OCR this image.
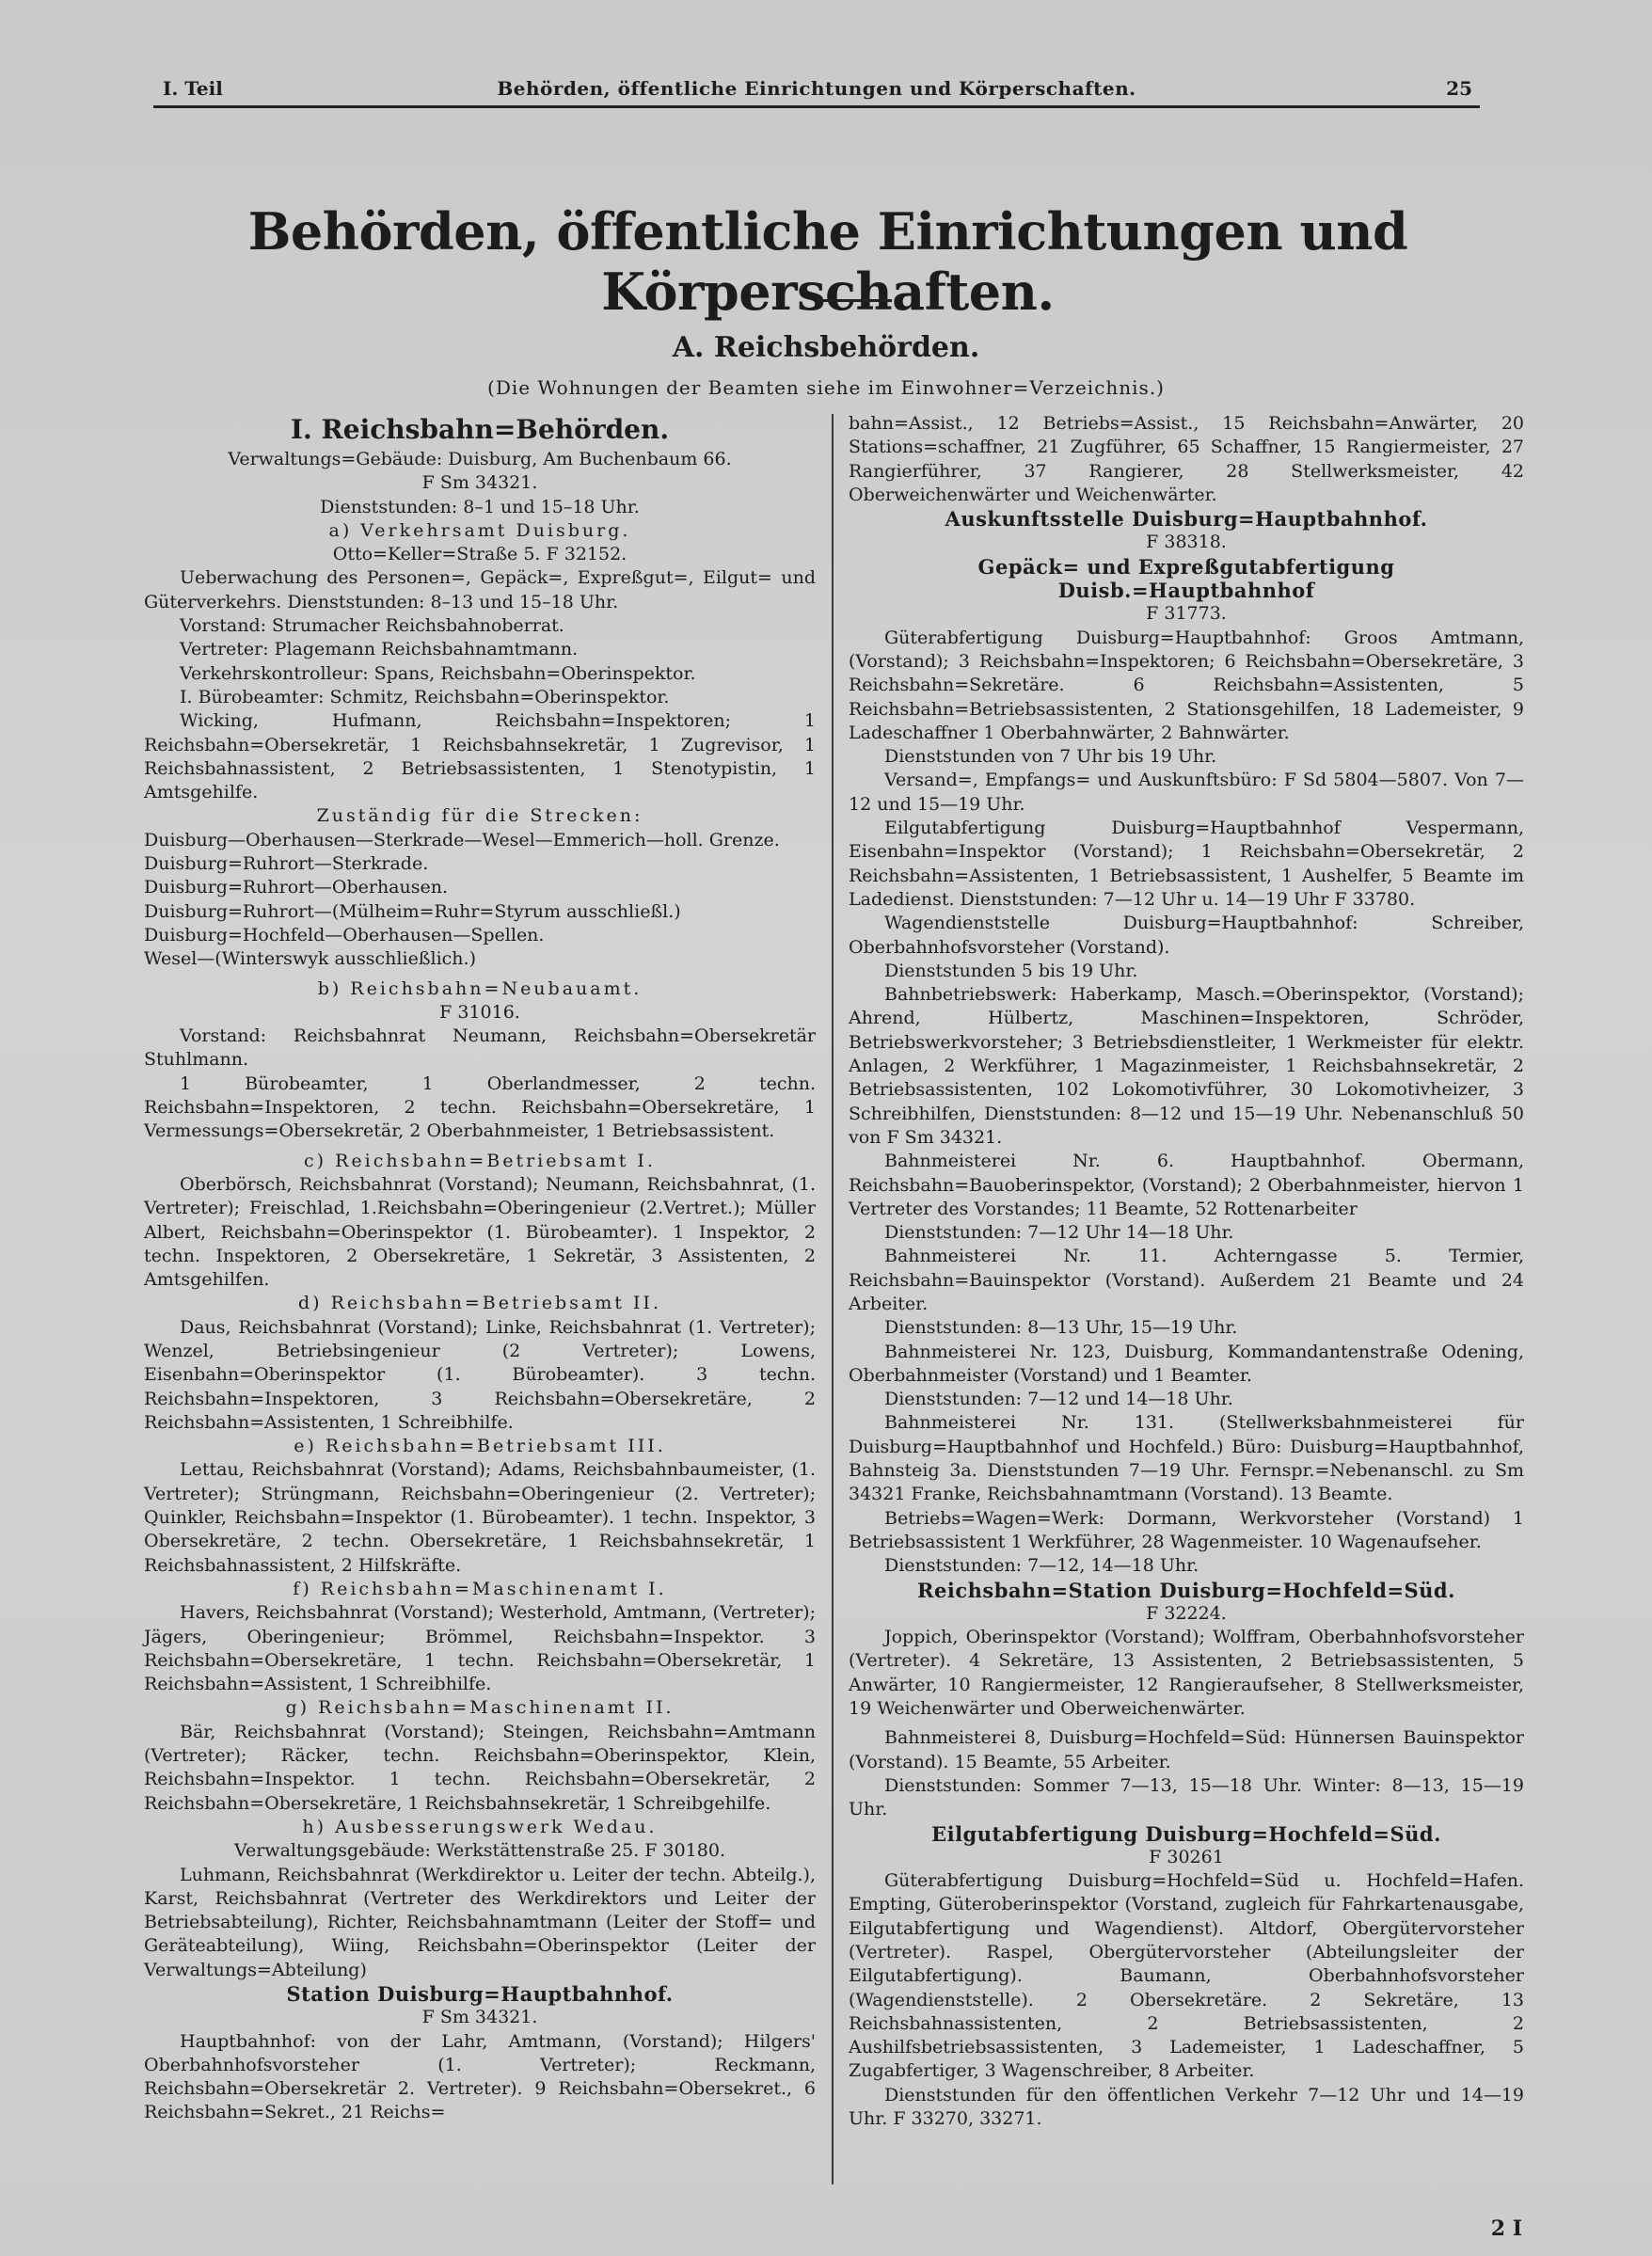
I. Teil	Behörden, öffentliche Einrichtungen und Körperschaften.	25
Behörden, öffentliche Einrichtungen und Körperschaften.
A. Reichsbehörden.
(Die Wohnungen der Beamten siehe im Einwohner=Verzeichnis.)

I. Reichsbahn=Behörden.

Verwaltungs=Gebäude: Duisburg, Am Buchenbaum 66.

F Sm 34321.

Dienststunden: 8–1 und 15–18 Uhr.

a) Verkehrsamt Duisburg.

Otto=Keller=Straße 5. F 32152.

Ueberwachung des Personen=, Gepäck=, Expreßgut=, Eilgut= und Güterverkehrs. Dienststunden: 8–13 und 15–18 Uhr.

Vorstand: Strumacher Reichsbahnoberrat.

Vertreter: Plagemann Reichsbahnamtmann.

Verkehrskontrolleur: Spans, Reichsbahn=Oberinspektor.

I. Bürobeamter: Schmitz, Reichsbahn=Oberinspektor.

Wicking, Hufmann, Reichsbahn=Inspektoren; 1 Reichsbahn=Obersekretär, 1 Reichsbahnsekretär, 1 Zugrevisor, 1 Reichsbahnassistent, 2 Betriebsassistenten, 1 Stenotypistin, 1 Amtsgehilfe.

Zuständig für die Strecken:

Duisburg—Oberhausen—Sterkrade—Wesel—Emmerich—holl. Grenze.

Duisburg=Ruhrort—Sterkrade.

Duisburg=Ruhrort—Oberhausen.

Duisburg=Ruhrort—(Mülheim=Ruhr=Styrum ausschließl.)

Duisburg=Hochfeld—Oberhausen—Spellen.

Wesel—(Winterswyk ausschließlich.)

b) Reichsbahn=Neubauamt.

F 31016.

Vorstand: Reichsbahnrat Neumann, Reichsbahn=Obersekretär Stuhlmann.

1 Bürobeamter, 1 Oberlandmesser, 2 techn. Reichsbahn=Inspektoren, 2 techn. Reichsbahn=Obersekretäre, 1 Vermessungs=Obersekretär, 2 Oberbahnmeister, 1 Betriebsassistent.

c) Reichsbahn=Betriebsamt I.

Oberbörsch, Reichsbahnrat (Vorstand); Neumann, Reichsbahnrat, (1. Vertreter); Freischlad, 1.Reichsbahn=Oberingenieur (2.Vertret.); Müller Albert, Reichsbahn=Oberinspektor (1. Bürobeamter). 1 Inspektor, 2 techn. Inspektoren, 2 Obersekretäre, 1 Sekretär, 3 Assistenten, 2 Amtsgehilfen.

d) Reichsbahn=Betriebsamt II.

Daus, Reichsbahnrat (Vorstand); Linke, Reichsbahnrat (1. Vertreter); Wenzel, Betriebsingenieur (2 Vertreter); Lowens, Eisenbahn=Oberinspektor (1. Bürobeamter). 3 techn. Reichsbahn=Inspektoren, 3 Reichsbahn=Obersekretäre, 2 Reichsbahn=Assistenten, 1 Schreibhilfe.

e) Reichsbahn=Betriebsamt III.

Lettau, Reichsbahnrat (Vorstand); Adams, Reichsbahnbaumeister, (1. Vertreter); Strüngmann, Reichsbahn=Oberingenieur (2. Vertreter); Quinkler, Reichsbahn=Inspektor (1. Bürobeamter). 1 techn. Inspektor, 3 Obersekretäre, 2 techn. Obersekretäre, 1 Reichsbahnsekretär, 1 Reichsbahnassistent, 2 Hilfskräfte.

f) Reichsbahn=Maschinenamt I.

Havers, Reichsbahnrat (Vorstand); Westerhold, Amtmann, (Vertreter); Jägers, Oberingenieur; Brömmel, Reichsbahn=Inspektor. 3 Reichsbahn=Obersekretäre, 1 techn. Reichsbahn=Obersekretär, 1 Reichsbahn=Assistent, 1 Schreibhilfe.

g) Reichsbahn=Maschinenamt II.

Bär, Reichsbahnrat (Vorstand); Steingen, Reichsbahn=Amtmann (Vertreter); Räcker, techn. Reichsbahn=Oberinspektor, Klein, Reichsbahn=Inspektor. 1 techn. Reichsbahn=Obersekretär, 2 Reichsbahn=Obersekretäre, 1 Reichsbahnsekretär, 1 Schreibgehilfe.

h) Ausbesserungswerk Wedau.

Verwaltungsgebäude: Werkstättenstraße 25. F 30180.

Luhmann, Reichsbahnrat (Werkdirektor u. Leiter der techn. Abteilg.), Karst, Reichsbahnrat (Vertreter des Werkdirektors und Leiter der Betriebsabteilung), Richter, Reichsbahnamtmann (Leiter der Stoff= und Geräteabteilung), Wiing, Reichsbahn=Oberinspektor (Leiter der Verwaltungs=Abteilung)

Station Duisburg=Hauptbahnhof.

F Sm 34321.

Hauptbahnhof: von der Lahr, Amtmann, (Vorstand); Hilgers' Oberbahnhofsvorsteher (1. Vertreter); Reckmann, Reichsbahn=Obersekretär 2. Vertreter). 9 Reichsbahn=Obersekret., 6 Reichsbahn=Sekret., 21 Reichs=

bahn=Assist., 12 Betriebs=Assist., 15 Reichsbahn=Anwärter, 20 Stations=schaffner, 21 Zugführer, 65 Schaffner, 15 Rangiermeister, 27 Rangierführer, 37 Rangierer, 28 Stellwerksmeister, 42 Oberweichenwärter und Weichenwärter.

Auskunftsstelle Duisburg=Hauptbahnhof.

F 38318.

Gepäck= und Expreßgutabfertigung Duisb.=Hauptbahnhof

F 31773.

Güterabfertigung Duisburg=Hauptbahnhof: Groos Amtmann, (Vorstand); 3 Reichsbahn=Inspektoren; 6 Reichsbahn=Obersekretäre, 3 Reichsbahn=Sekretäre. 6 Reichsbahn=Assistenten, 5 Reichsbahn=Betriebsassistenten, 2 Stationsgehilfen, 18 Lademeister, 9 Ladeschaffner 1 Oberbahnwärter, 2 Bahnwärter.

Dienststunden von 7 Uhr bis 19 Uhr.

Versand=, Empfangs= und Auskunftsbüro: F Sd 5804—5807. Von 7—12 und 15—19 Uhr.

Eilgutabfertigung Duisburg=Hauptbahnhof Vespermann, Eisenbahn=Inspektor (Vorstand); 1 Reichsbahn=Obersekretär, 2 Reichsbahn=Assistenten, 1 Betriebsassistent, 1 Aushelfer, 5 Beamte im Ladedienst. Dienststunden: 7—12 Uhr u. 14—19 Uhr F 33780.

Wagendienststelle Duisburg=Hauptbahnhof: Schreiber, Oberbahnhofsvorsteher (Vorstand).

Dienststunden 5 bis 19 Uhr.

Bahnbetriebswerk: Haberkamp, Masch.=Oberinspektor, (Vorstand); Ahrend, Hülbertz, Maschinen=Inspektoren, Schröder, Betriebswerkvorsteher; 3 Betriebsdienstleiter, 1 Werkmeister für elektr. Anlagen, 2 Werkführer, 1 Magazinmeister, 1 Reichsbahnsekretär, 2 Betriebsassistenten, 102 Lokomotivführer, 30 Lokomotivheizer, 3 Schreibhilfen, Dienststunden: 8—12 und 15—19 Uhr. Nebenanschluß 50 von F Sm 34321.

Bahnmeisterei Nr. 6. Hauptbahnhof. Obermann, Reichsbahn=Bauoberinspektor, (Vorstand); 2 Oberbahnmeister, hiervon 1 Vertreter des Vorstandes; 11 Beamte, 52 Rottenarbeiter

Dienststunden: 7—12 Uhr 14—18 Uhr.

Bahnmeisterei Nr. 11. Achterngasse 5. Termier, Reichsbahn=Bauinspektor (Vorstand). Außerdem 21 Beamte und 24 Arbeiter.

Dienststunden: 8—13 Uhr, 15—19 Uhr.

Bahnmeisterei Nr. 123, Duisburg, Kommandantenstraße Odening, Oberbahnmeister (Vorstand) und 1 Beamter.

Dienststunden: 7—12 und 14—18 Uhr.

Bahnmeisterei Nr. 131. (Stellwerksbahnmeisterei für Duisburg=Hauptbahnhof und Hochfeld.) Büro: Duisburg=Hauptbahnhof, Bahnsteig 3a. Dienststunden 7—19 Uhr. Fernspr.=Nebenanschl. zu Sm 34321 Franke, Reichsbahnamtmann (Vorstand). 13 Beamte.

Betriebs=Wagen=Werk: Dormann, Werkvorsteher (Vorstand) 1 Betriebsassistent 1 Werkführer, 28 Wagenmeister. 10 Wagenaufseher.

Dienststunden: 7—12, 14—18 Uhr.

Reichsbahn=Station Duisburg=Hochfeld=Süd.

F 32224.

Joppich, Oberinspektor (Vorstand); Wolffram, Oberbahnhofsvorsteher (Vertreter). 4 Sekretäre, 13 Assistenten, 2 Betriebsassistenten, 5 Anwärter, 10 Rangiermeister, 12 Rangieraufseher, 8 Stellwerksmeister, 19 Weichenwärter und Oberweichenwärter.

Bahnmeisterei 8, Duisburg=Hochfeld=Süd: Hünnersen Bauinspektor (Vorstand). 15 Beamte, 55 Arbeiter.

Dienststunden: Sommer 7—13, 15—18 Uhr. Winter: 8—13, 15—19 Uhr.

Eilgutabfertigung Duisburg=Hochfeld=Süd.

F 30261

Güterabfertigung Duisburg=Hochfeld=Süd u. Hochfeld=Hafen. Empting, Güteroberinspektor (Vorstand, zugleich für Fahrkartenausgabe, Eilgutabfertigung und Wagendienst). Altdorf, Obergütervorsteher (Vertreter). Raspel, Obergütervorsteher (Abteilungsleiter der Eilgutabfertigung). Baumann, Oberbahnhofsvorsteher (Wagendienststelle). 2 Obersekretäre. 2 Sekretäre, 13 Reichsbahnassistenten, 2 Betriebsassistenten, 2 Aushilfsbetriebsassistenten, 3 Lademeister, 1 Ladeschaffner, 5 Zugabfertiger, 3 Wagenschreiber, 8 Arbeiter.

Dienststunden für den öffentlichen Verkehr 7—12 Uhr und 14—19 Uhr. F 33270, 33271.

2 I
